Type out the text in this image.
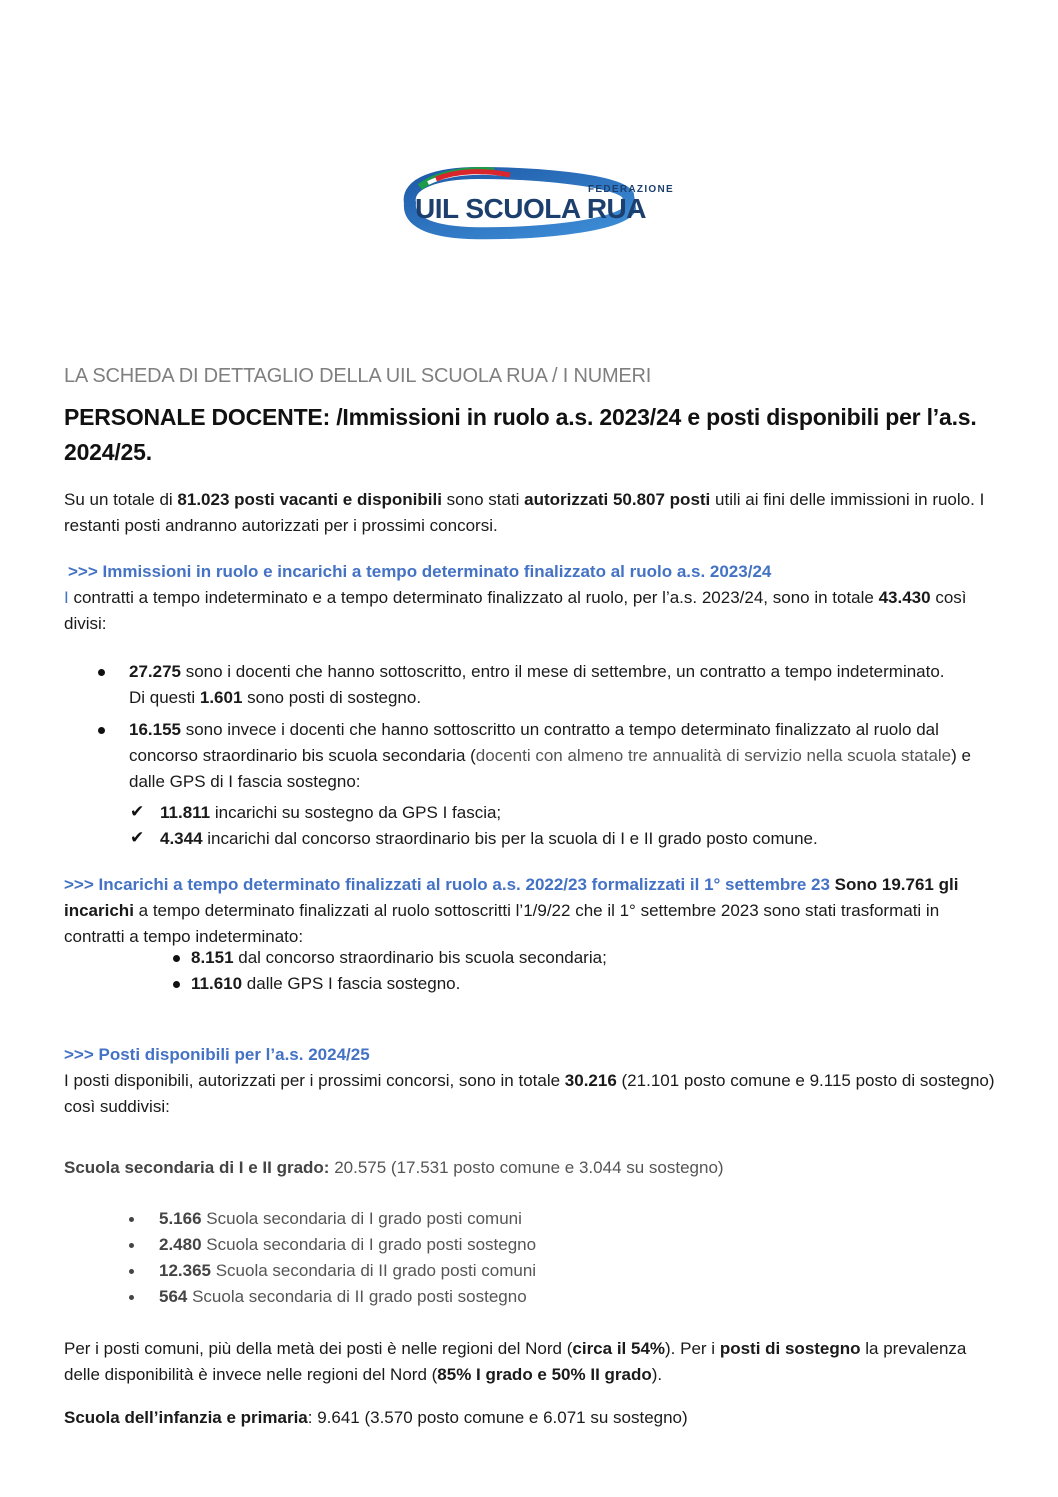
FEDERAZIONE
UIL SCUOLA RUA
LA SCHEDA DI DETTAGLIO DELLA UIL SCUOLA RUA / I NUMERI
PERSONALE DOCENTE: /Immissioni in ruolo a.s. 2023/24 e posti disponibili per l’a.s. 2024/25.

Su un totale di 81.023 posti vacanti e disponibili sono stati autorizzati 50.807 posti utili ai fini delle immissioni in ruolo. I restanti posti andranno autorizzati per i prossimi concorsi.

>>> Immissioni in ruolo e incarichi a tempo determinato finalizzato al ruolo a.s. 2023/24
I contratti a tempo indeterminato e a tempo determinato finalizzato al ruolo, per l’a.s. 2023/24, sono in totale 43.430 così divisi:

27.275 sono i docenti che hanno sottoscritto, entro il mese di settembre, un contratto a tempo indeterminato. Di questi 1.601 sono posti di sostegno.
16.155 sono invece i docenti che hanno sottoscritto un contratto a tempo determinato finalizzato al ruolo dal concorso straordinario bis scuola secondaria (docenti con almeno tre annualità di servizio nella scuola statale) e dalle GPS di I fascia sostegno:
✔ 11.811 incarichi su sostegno da GPS I fascia;
✔ 4.344 incarichi dal concorso straordinario bis per la scuola di I e II grado posto comune.

>>> Incarichi a tempo determinato finalizzati al ruolo a.s. 2022/23 formalizzati il 1° settembre 23 Sono 19.761 gli incarichi a tempo determinato finalizzati al ruolo sottoscritti l’1/9/22 che il 1° settembre 2023 sono stati trasformati in contratti a tempo indeterminato:

8.151 dal concorso straordinario bis scuola secondaria;
11.610 dalle GPS I fascia sostegno.

>>> Posti disponibili per l’a.s. 2024/25
I posti disponibili, autorizzati per i prossimi concorsi, sono in totale 30.216 (21.101 posto comune e 9.115 posto di sostegno) così suddivisi:

Scuola secondaria di I e II grado: 20.575 (17.531 posto comune e 3.044 su sostegno)

5.166 Scuola secondaria di I grado posti comuni
2.480 Scuola secondaria di I grado posti sostegno
12.365 Scuola secondaria di II grado posti comuni
564 Scuola secondaria di II grado posti sostegno

Per i posti comuni, più della metà dei posti è nelle regioni del Nord (circa il 54%). Per i posti di sostegno la prevalenza delle disponibilità è invece nelle regioni del Nord (85% I grado e 50% II grado).

Scuola dell’infanzia e primaria: 9.641 (3.570 posto comune e 6.071 su sostegno)
